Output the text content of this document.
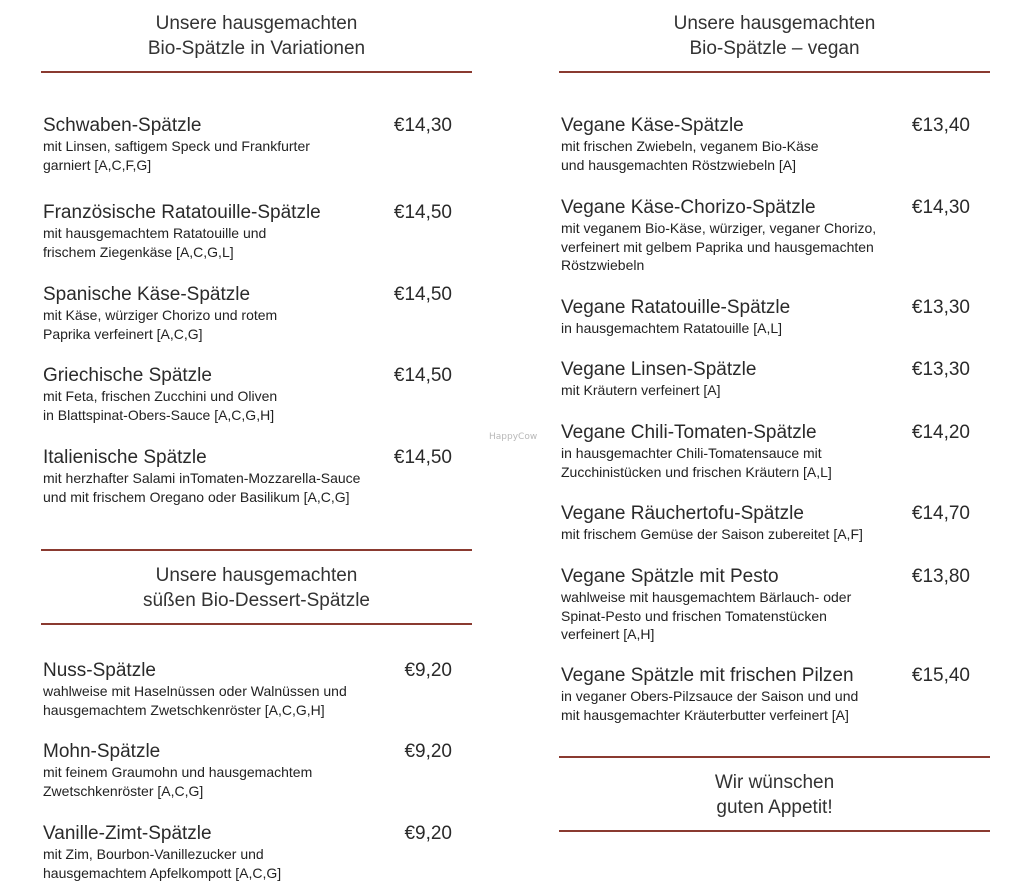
HappyCow
Unsere hausgemachten
Bio-Spätzle in Variationen
Schwaben-Spätzle	€14,30
mit Linsen, saftigem Speck und Frankfurter
garniert [A,C,F,G]
Französische Ratatouille-Spätzle	€14,50
mit hausgemachtem Ratatouille und
frischem Ziegenkäse [A,C,G,L]
Spanische Käse-Spätzle	€14,50
mit Käse, würziger Chorizo und rotem
Paprika verfeinert [A,C,G]
Griechische Spätzle	€14,50
mit Feta, frischen Zucchini und Oliven
in Blattspinat-Obers-Sauce [A,C,G,H]
Italienische Spätzle	€14,50
mit herzhafter Salami inTomaten-Mozzarella-Sauce
und mit frischem Oregano oder Basilikum [A,C,G]
Unsere hausgemachten
süßen Bio-Dessert-Spätzle
Nuss-Spätzle	€9,20
wahlweise mit Haselnüssen oder Walnüssen und
hausgemachtem Zwetschkenröster [A,C,G,H]
Mohn-Spätzle	€9,20
mit feinem Graumohn und hausgemachtem
Zwetschkenröster [A,C,G]
Vanille-Zimt-Spätzle	€9,20
mit Zim, Bourbon-Vanillezucker und
hausgemachtem Apfelkompott [A,C,G]
Unsere hausgemachten
Bio-Spätzle – vegan
Vegane Käse-Spätzle	€13,40
mit frischen Zwiebeln, veganem Bio-Käse
und hausgemachten Röstzwiebeln [A]
Vegane Käse-Chorizo-Spätzle	€14,30
mit veganem Bio-Käse, würziger, veganer Chorizo,
verfeinert mit gelbem Paprika und hausgemachten
Röstzwiebeln
Vegane Ratatouille-Spätzle	€13,30
in hausgemachtem Ratatouille [A,L]
Vegane Linsen-Spätzle	€13,30
mit Kräutern verfeinert [A]
Vegane Chili-Tomaten-Spätzle	€14,20
in hausgemachter Chili-Tomatensauce mit
Zucchinistücken und frischen Kräutern [A,L]
Vegane Räuchertofu-Spätzle	€14,70
mit frischem Gemüse der Saison zubereitet [A,F]
Vegane Spätzle mit Pesto	€13,80
wahlweise mit hausgemachtem Bärlauch- oder
Spinat-Pesto und frischen Tomatenstücken
verfeinert [A,H]
Vegane Spätzle mit frischen Pilzen	€15,40
in veganer Obers-Pilzsauce der Saison und und
mit hausgemachter Kräuterbutter verfeinert [A]
Wir wünschen
guten Appetit!
